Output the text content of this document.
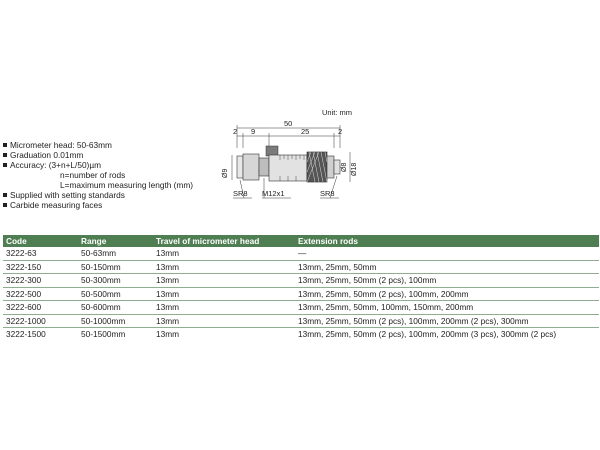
Micrometer head: 50-63mm
Graduation 0.01mm
Accuracy: (3+n+L/50)µm
n=number of rods
L=maximum measuring length (mm)
Supplied with setting standards
Carbide measuring faces
Unit: mm
50
2 9	25	2
Ø9
Ø8 Ø18
SR8 M12x1	SR8
Code	Range	Travel of micrometer head	Extension rods
3222-63	50-63mm	13mm	—
3222-150	50-150mm	13mm	13mm, 25mm, 50mm
3222-300	50-300mm	13mm	13mm, 25mm, 50mm (2 pcs), 100mm
3222-500	50-500mm	13mm	13mm, 25mm, 50mm (2 pcs), 100mm, 200mm
3222-600	50-600mm	13mm	13mm, 25mm, 50mm, 100mm, 150mm, 200mm
3222-1000	50-1000mm	13mm	13mm, 25mm, 50mm (2 pcs), 100mm, 200mm (2 pcs), 300mm
3222-1500	50-1500mm	13mm	13mm, 25mm, 50mm (2 pcs), 100mm, 200mm (3 pcs), 300mm (2 pcs)
